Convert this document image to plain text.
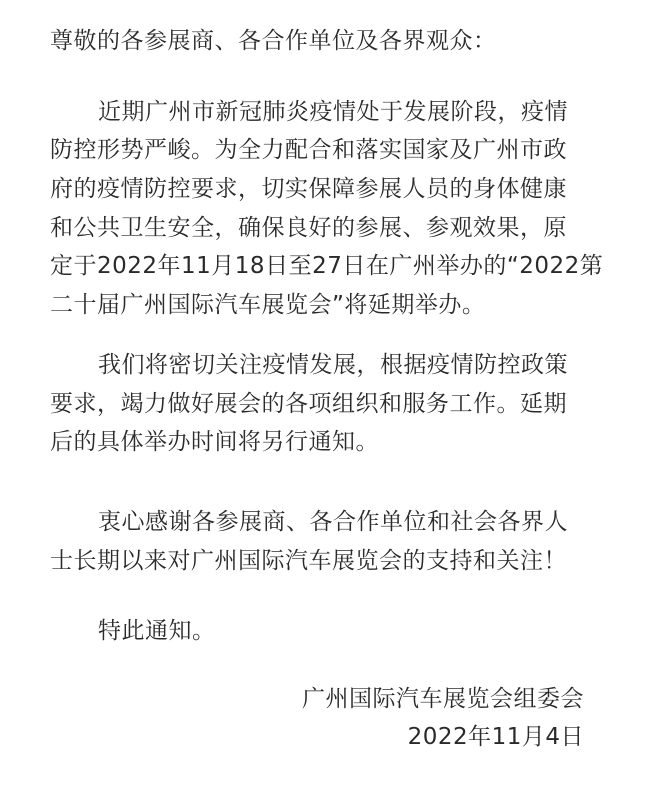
尊敬的各参展商、各合作单位及各界观众：
近期广州市新冠肺炎疫情处于发展阶段，疫情
防控形势严峻。为全力配合和落实国家及广州市政
府的疫情防控要求，切实保障参展人员的身体健康
和公共卫生安全，确保良好的参展、参观效果，原
定于2022年11月18日至27日在广州举办的“2022第
二十届广州国际汽车展览会”将延期举办。
我们将密切关注疫情发展，根据疫情防控政策
要求，竭力做好展会的各项组织和服务工作。延期
后的具体举办时间将另行通知。
衷心感谢各参展商、各合作单位和社会各界人
士长期以来对广州国际汽车展览会的支持和关注！
特此通知。
广州国际汽车展览会组委会
2022年11月4日
